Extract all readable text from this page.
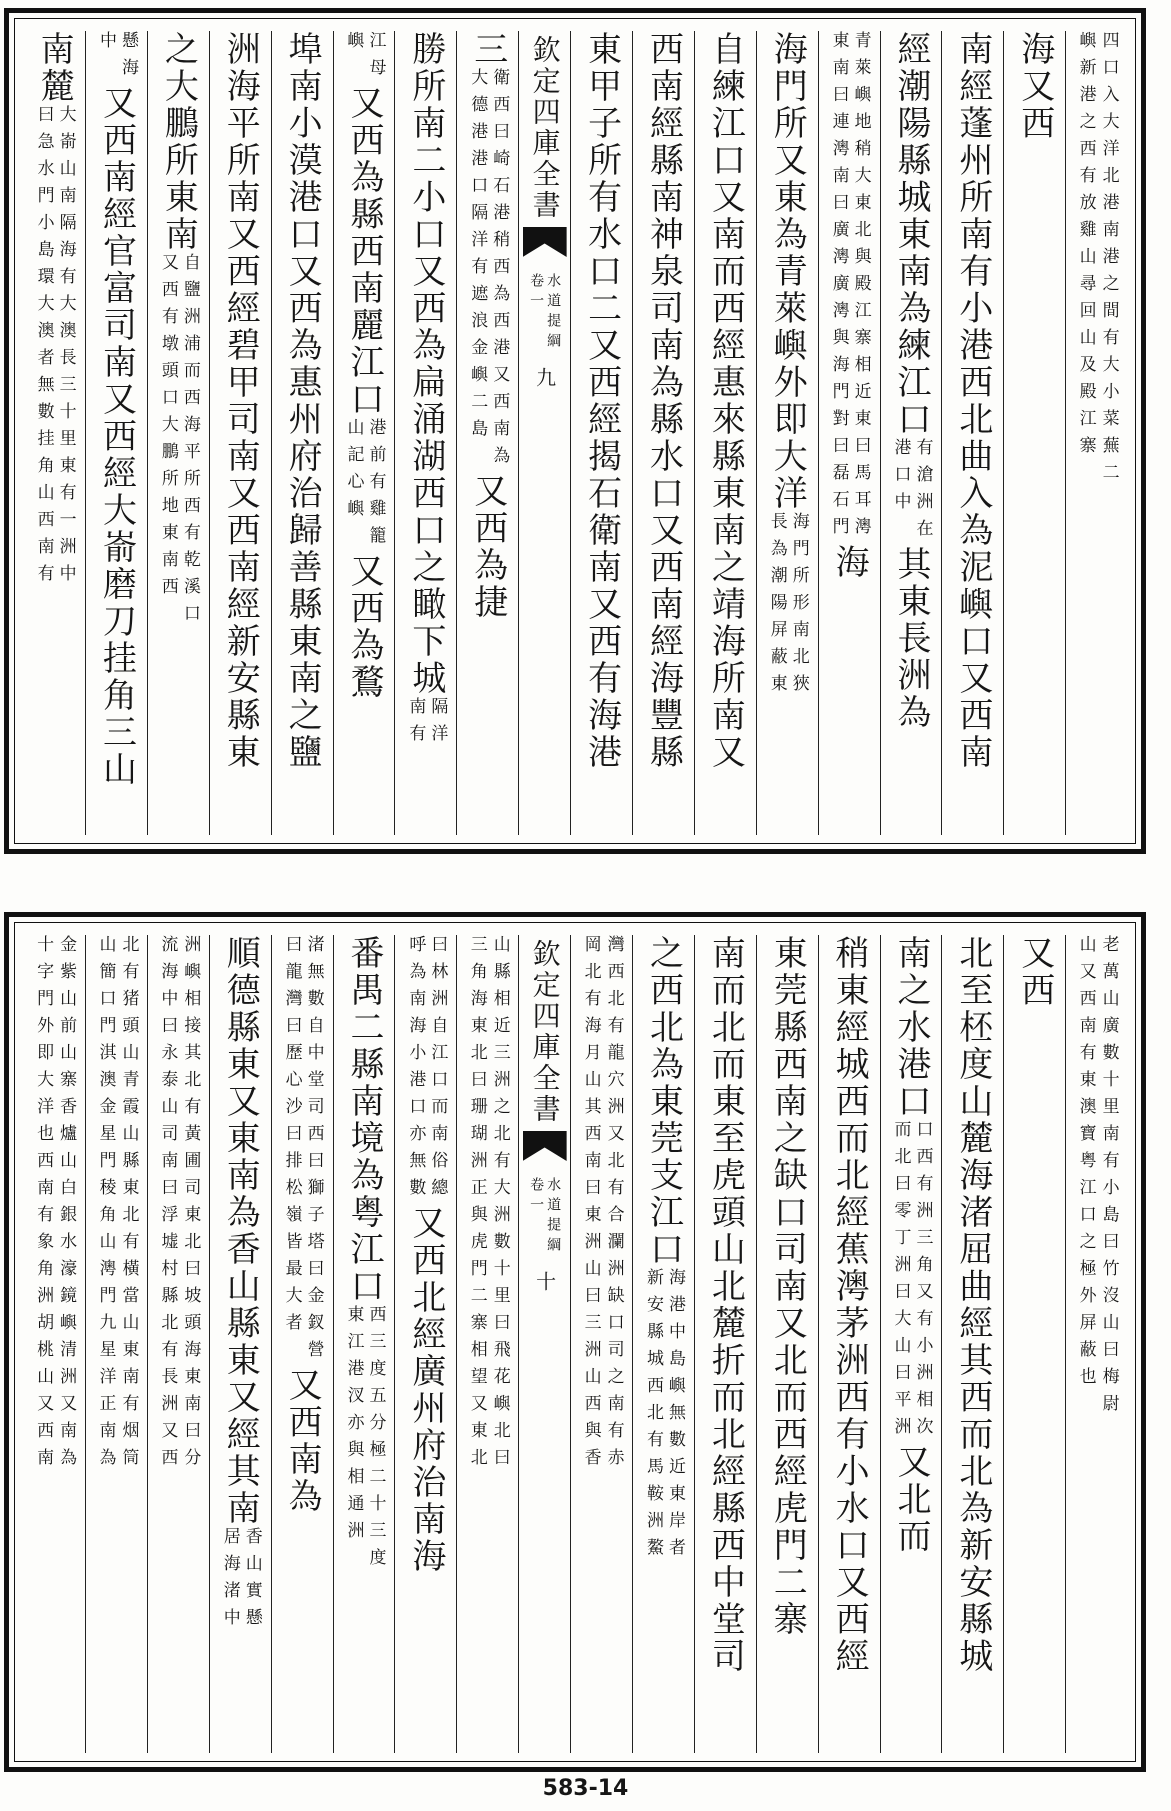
四口入大洋北港南港之間有大小菜蕪二
嶼新港之西有放雞山尋回山及殿江寨
海又西
南經蓬州所南有小港西北曲入為泥嶼口又西南
經潮陽縣城東南為練江口
有滄洲在
港口中
其東長洲為
青萊嶼地稍大東北與殿江寨相近東曰馬耳澚
東南曰連澚南曰廣澚廣澚與海門對曰磊石門
海
海門所又東為青萊嶼外即大洋
海門所形南北狹
長為潮陽屏蔽東
自練江口又南而西經惠來縣東南之靖海所南又
西南經縣南神泉司南為縣水口又西南經海豐縣
東甲子所有水口二又西經揭石衛南又西有海港
欽定四庫全書
水道提綱
卷一
九
三
衛西曰崎石港稍西為西港又西南為
大德港港口隔洋有遮浪金嶼二島
又西為捷
勝所南二小口又西為扁涌湖西口之瞰下城
隔洋
南有
江母
嶼
又西為縣西南麗江口
港前有雞籠
山記心嶼
又西為鶩
埠南小漠港口又西為惠州府治歸善縣東南之鹽
洲海平所南又西經碧甲司南又西南經新安縣東
之大鵬所東南
自鹽洲浦而西海平所西有乾溪口
又西有墩頭口大鵬所地東南西
懸海
中
又西南經官富司南又西經大嵛磨刀挂角三山
南麓
大嵛山南隔海有大澳長三十里東有一洲中
曰急水門小島環大澳者無數挂角山西南有
老萬山廣數十里南有小島曰竹沒山曰梅尉
山又西南有東澳寶粤江口之極外屏蔽也
又西
北至柸度山麓海渚屈曲經其西而北為新安縣城
南之水港口
口西有洲三角又有小洲相次
而北曰零丁洲曰大山曰平洲
又北而
稍東經城西而北經蕉澚茅洲西有小水口又西經
東莞縣西南之缺口司南又北而西經虎門二寨
南而北而東至虎頭山北麓折而北經縣西中堂司
之西北為東莞支江口
海港中島嶼無數近東岸者
新安縣城西北有馬鞍洲鰲
灣西北有龍穴洲又北有合瀾洲缺口司之南有赤
岡北有海月山其西南曰東洲山曰三洲山西與香
欽定四庫全書
水道提綱
卷一
十
山縣相近三洲之北有大洲數十里曰飛花嶼北曰
三角海東北曰珊瑚洲正與虎門二寨相望又東北
曰林洲自江口而南俗總
呼為南海小港口亦無數
又西北經廣州府治南海
番禺二縣南境為粤江口
西三度五分極二十三度
東江港汊亦與相通洲
渚無數自中堂司西曰獅子塔曰金釵營
曰龍灣曰歷心沙曰排松嶺皆最大者
又西南為
順德縣東又東南為香山縣東又經其南
香山實懸
居海渚中
洲嶼相接其北有黃圃司東北曰坡頭海東南曰分
流海中曰永泰山司南曰浮墟村縣北有長洲又西
北有猪頭山青霞山縣東北有橫當山東南有烟筒
山簡口門淇澳金星門稜角山澚門九星洋正南為
金紫山前山寨香爐山白銀水濠鏡嶼清洲又南為
十字門外即大洋也西南有象角洲胡桃山又西南
583-14
